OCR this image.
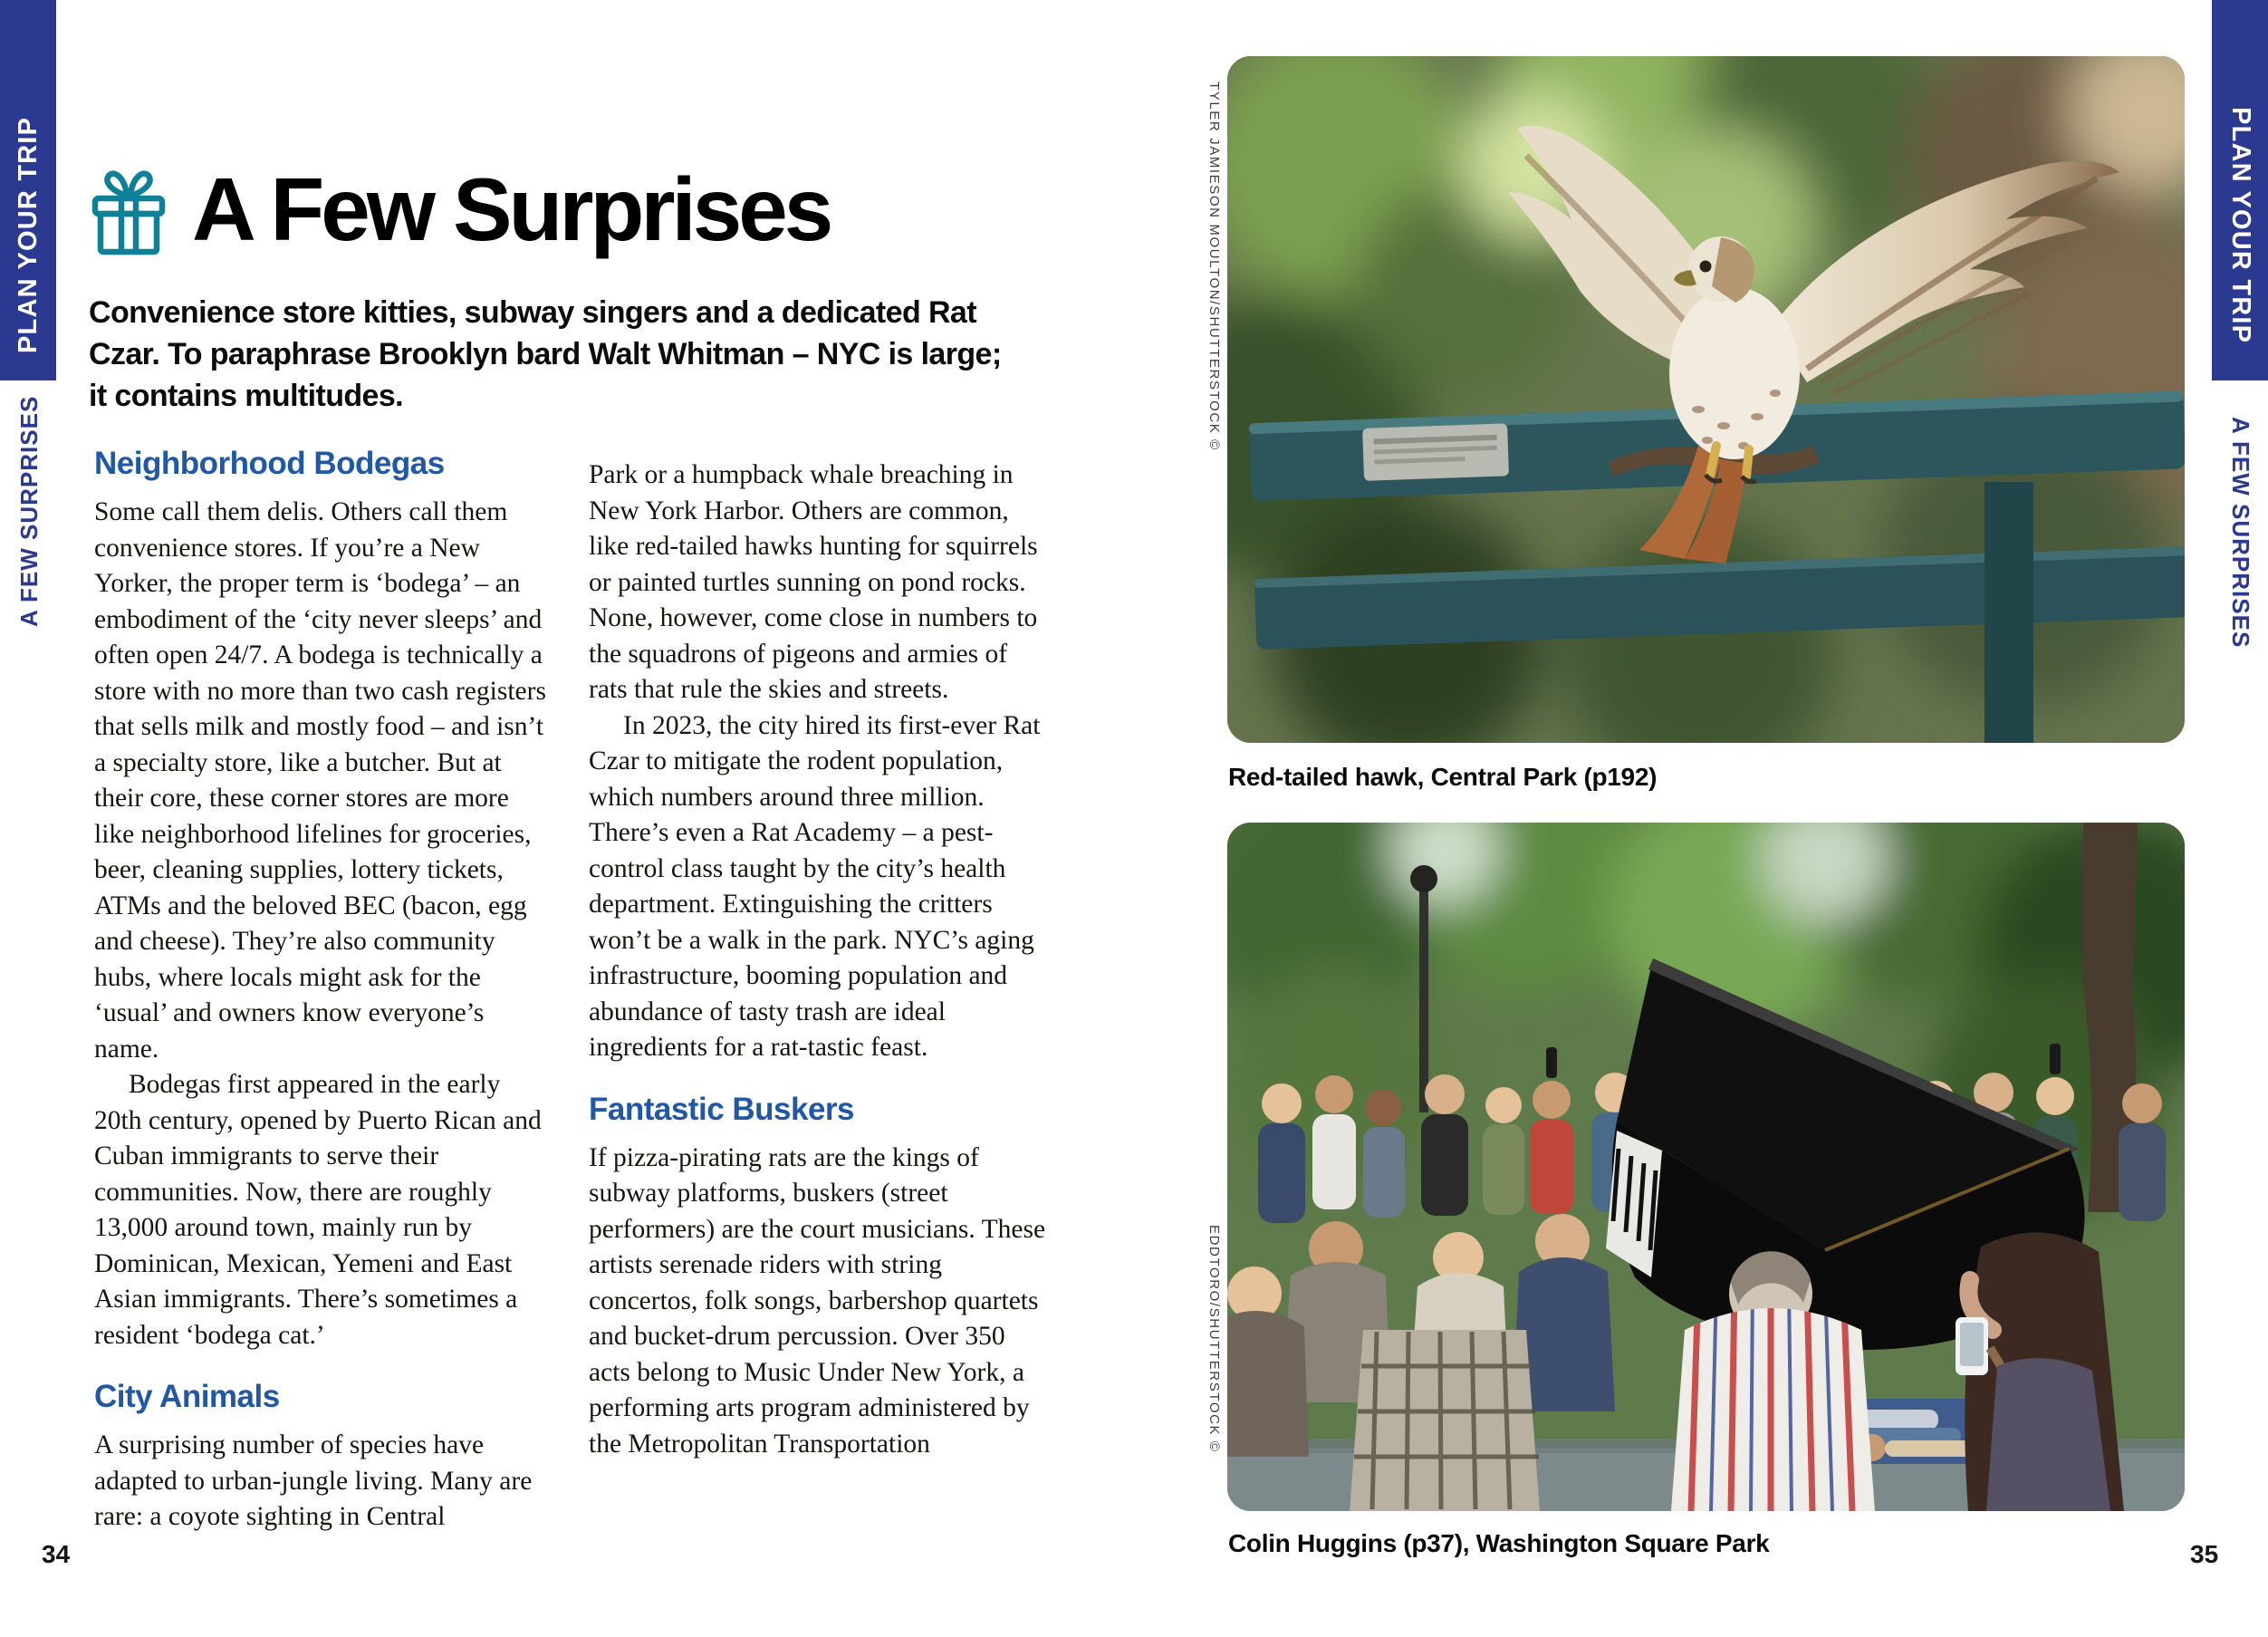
PLAN YOUR TRIP
A FEW SURPRISES
PLAN YOUR TRIP
A FEW SURPRISES
A Few Surprises
Convenience store kitties, subway singers and a dedicated Rat
Czar. To paraphrase Brooklyn bard Walt Whitman – NYC is large;
it contains multitudes.
Neighborhood Bodegas

Some call them delis. Others call them convenience stores. If you’re a New Yorker, the proper term is ‘bodega’ – an embodiment of the ‘city never sleeps’ and often open 24/7. A bodega is technically a store with no more than two cash registers that sells milk and mostly food – and isn’t a specialty store, like a butcher. But at their core, these corner stores are more like neighborhood lifelines for groceries, beer, cleaning supplies, lottery tickets, ATMs and the beloved BEC (bacon, egg and cheese). They’re also community hubs, where locals might ask for the ‘usual’ and owners know everyone’s name.

Bodegas first appeared in the early 20th century, opened by Puerto Rican and Cuban immigrants to serve their communities. Now, there are roughly 13,000 around town, mainly run by Dominican, Mexican, Yemeni and East Asian immigrants. There’s sometimes a resident ‘bodega cat.’

City Animals

A surprising number of species have adapted to urban-jungle living. Many are rare: a coyote sighting in Central

Park or a humpback whale breaching in New York Harbor. Others are common, like red-tailed hawks hunting for squirrels or painted turtles sunning on pond rocks. None, however, come close in numbers to the squadrons of pigeons and armies of rats that rule the skies and streets.

In 2023, the city hired its first-ever Rat Czar to mitigate the rodent population, which numbers around three million. There’s even a Rat Academy – a pest-control class taught by the city’s health department. Extinguishing the critters won’t be a walk in the park. NYC’s aging infrastructure, booming population and abundance of tasty trash are ideal ingredients for a rat-tastic feast.

Fantastic Buskers

If pizza-pirating rats are the kings of subway platforms, buskers (street performers) are the court musicians. These artists serenade riders with string concertos, folk songs, barbershop quartets and bucket-drum percussion. Over 350 acts belong to Music Under New York, a performing arts program administered by the Metropolitan Transportation

TYLER JAMIESON MOULTON/SHUTTERSTOCK ©
Red-tailed hawk, Central Park (p192)
EDDTORO/SHUTTERSTOCK ©
Colin Huggins (p37), Washington Square Park
34	35
